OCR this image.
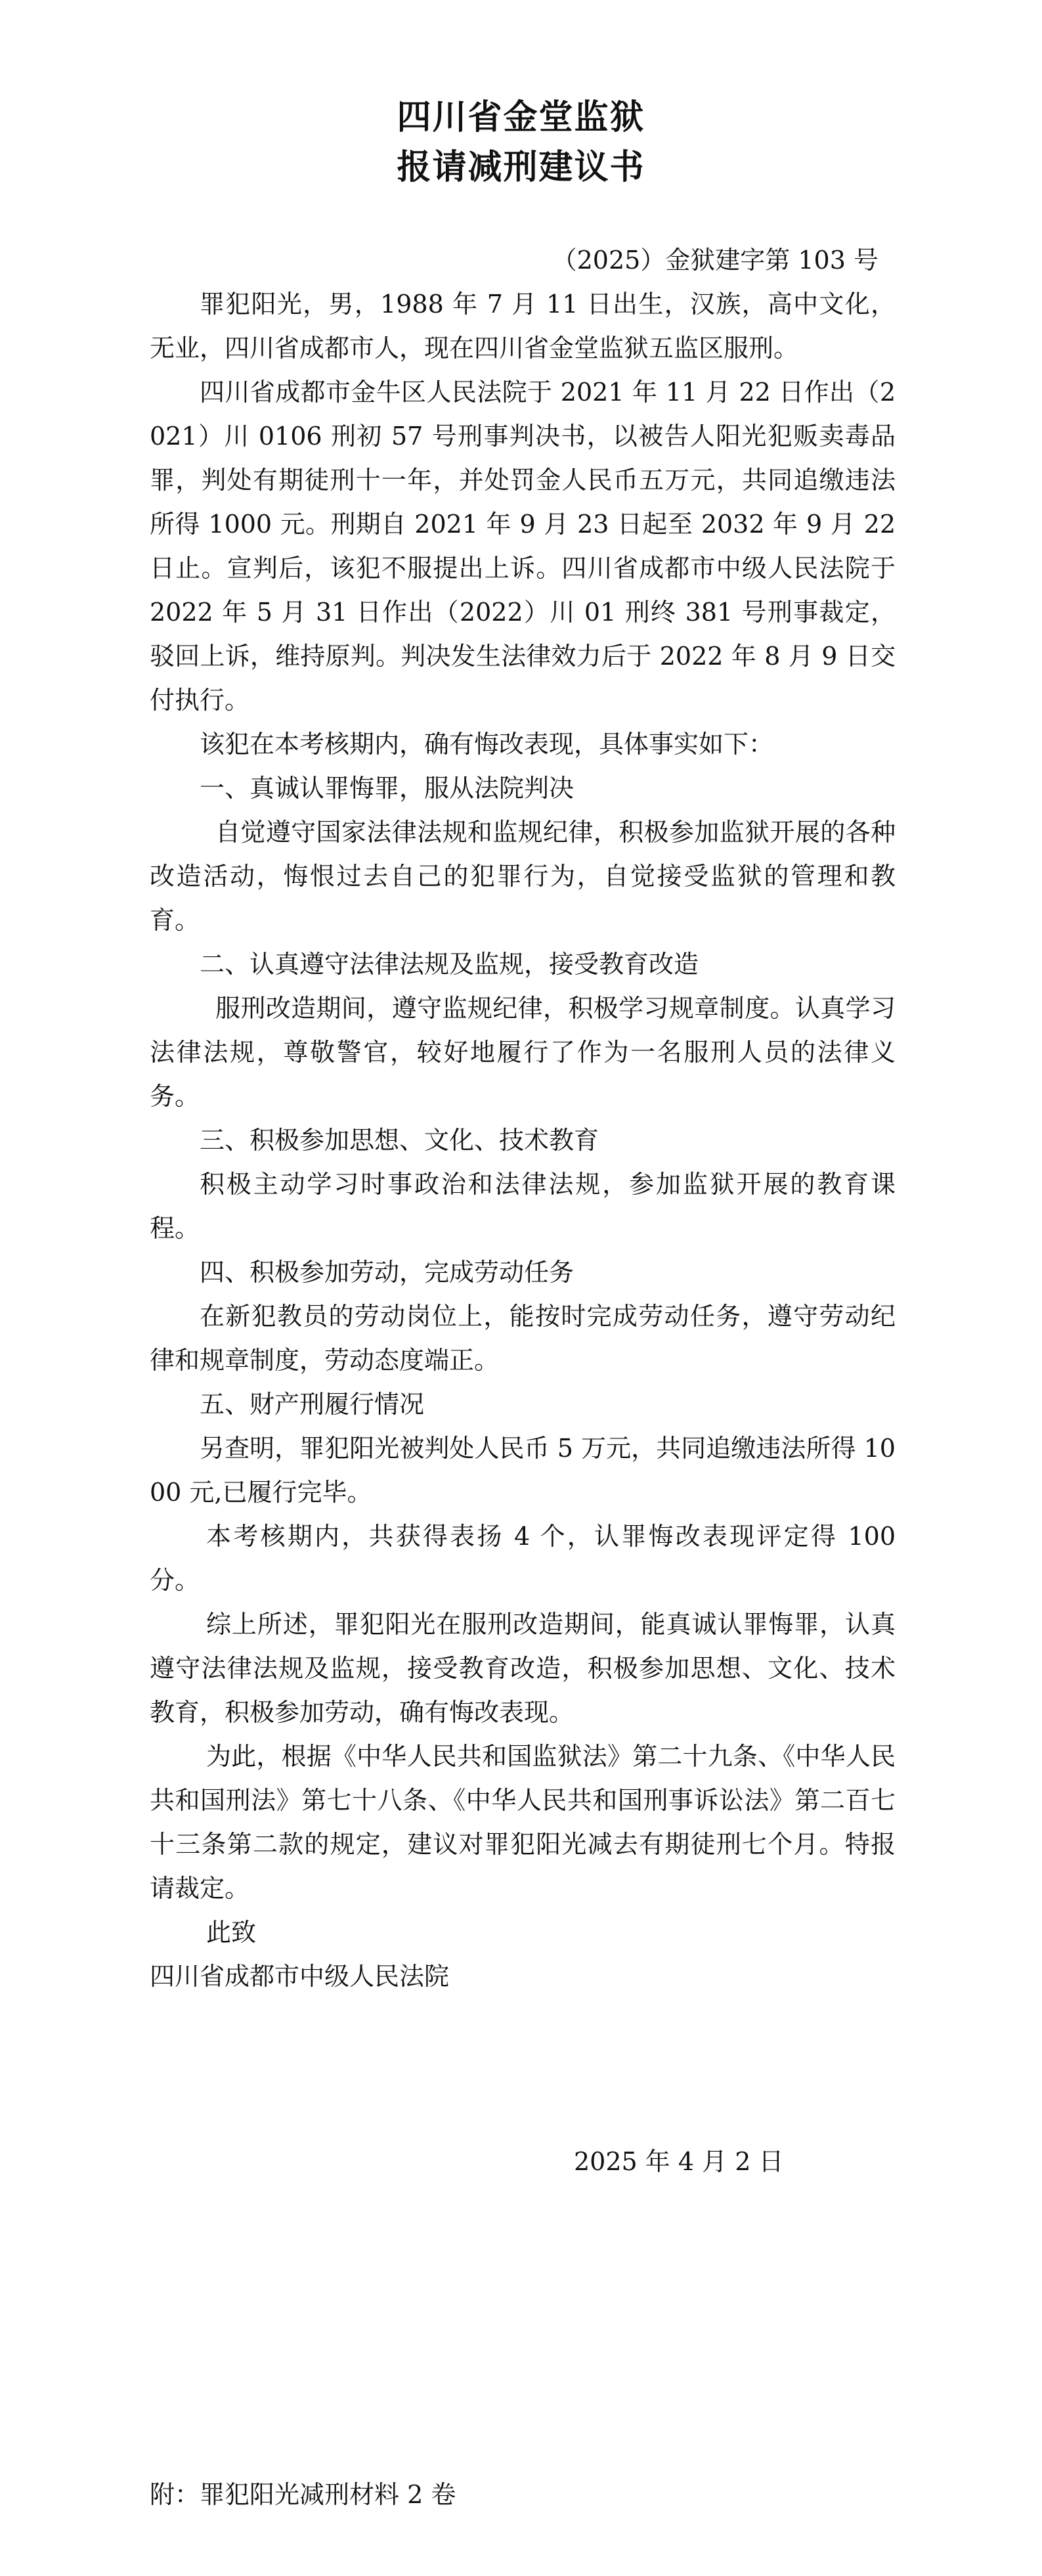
四川省金堂监狱
报请减刑建议书

（2025）金狱建字第 103 号

罪犯阳光，男，1988 年 7 月 11 日出生，汉族，高中文化，无业，四川省成都市人，现在四川省金堂监狱五监区服刑。

四川省成都市金牛区人民法院于 2021 年 11 月 22 日作出（2021）川 0106 刑初 57 号刑事判决书，以被告人阳光犯贩卖毒品罪，判处有期徒刑十一年，并处罚金人民币五万元，共同追缴违法所得 1000 元。刑期自 2021 年 9 月 23 日起至 2032 年 9 月 22 日止。宣判后，该犯不服提出上诉。四川省成都市中级人民法院于 2022 年 5 月 31 日作出（2022）川 01 刑终 381 号刑事裁定，驳回上诉，维持原判。判决发生法律效力后于 2022 年 8 月 9 日交付执行。

该犯在本考核期内，确有悔改表现，具体事实如下：

一、真诚认罪悔罪，服从法院判决

自觉遵守国家法律法规和监规纪律，积极参加监狱开展的各种改造活动，悔恨过去自己的犯罪行为，自觉接受监狱的管理和教育。

二、认真遵守法律法规及监规，接受教育改造

服刑改造期间，遵守监规纪律，积极学习规章制度。认真学习法律法规，尊敬警官，较好地履行了作为一名服刑人员的法律义务。

三、积极参加思想、文化、技术教育

积极主动学习时事政治和法律法规，参加监狱开展的教育课程。

四、积极参加劳动，完成劳动任务

在新犯教员的劳动岗位上，能按时完成劳动任务，遵守劳动纪律和规章制度，劳动态度端正。

五、财产刑履行情况

另查明，罪犯阳光被判处人民币 5 万元，共同追缴违法所得 1000 元,已履行完毕。

本考核期内，共获得表扬 4 个，认罪悔改表现评定得 100 分。

综上所述，罪犯阳光在服刑改造期间，能真诚认罪悔罪，认真遵守法律法规及监规，接受教育改造，积极参加思想、文化、技术教育，积极参加劳动，确有悔改表现。

为此，根据《中华人民共和国监狱法》第二十九条、《中华人民共和国刑法》第七十八条、《中华人民共和国刑事诉讼法》第二百七十三条第二款的规定，建议对罪犯阳光减去有期徒刑七个月。特报请裁定。

此致

四川省成都市中级人民法院

2025 年 4 月 2 日
附：罪犯阳光减刑材料 2 卷
